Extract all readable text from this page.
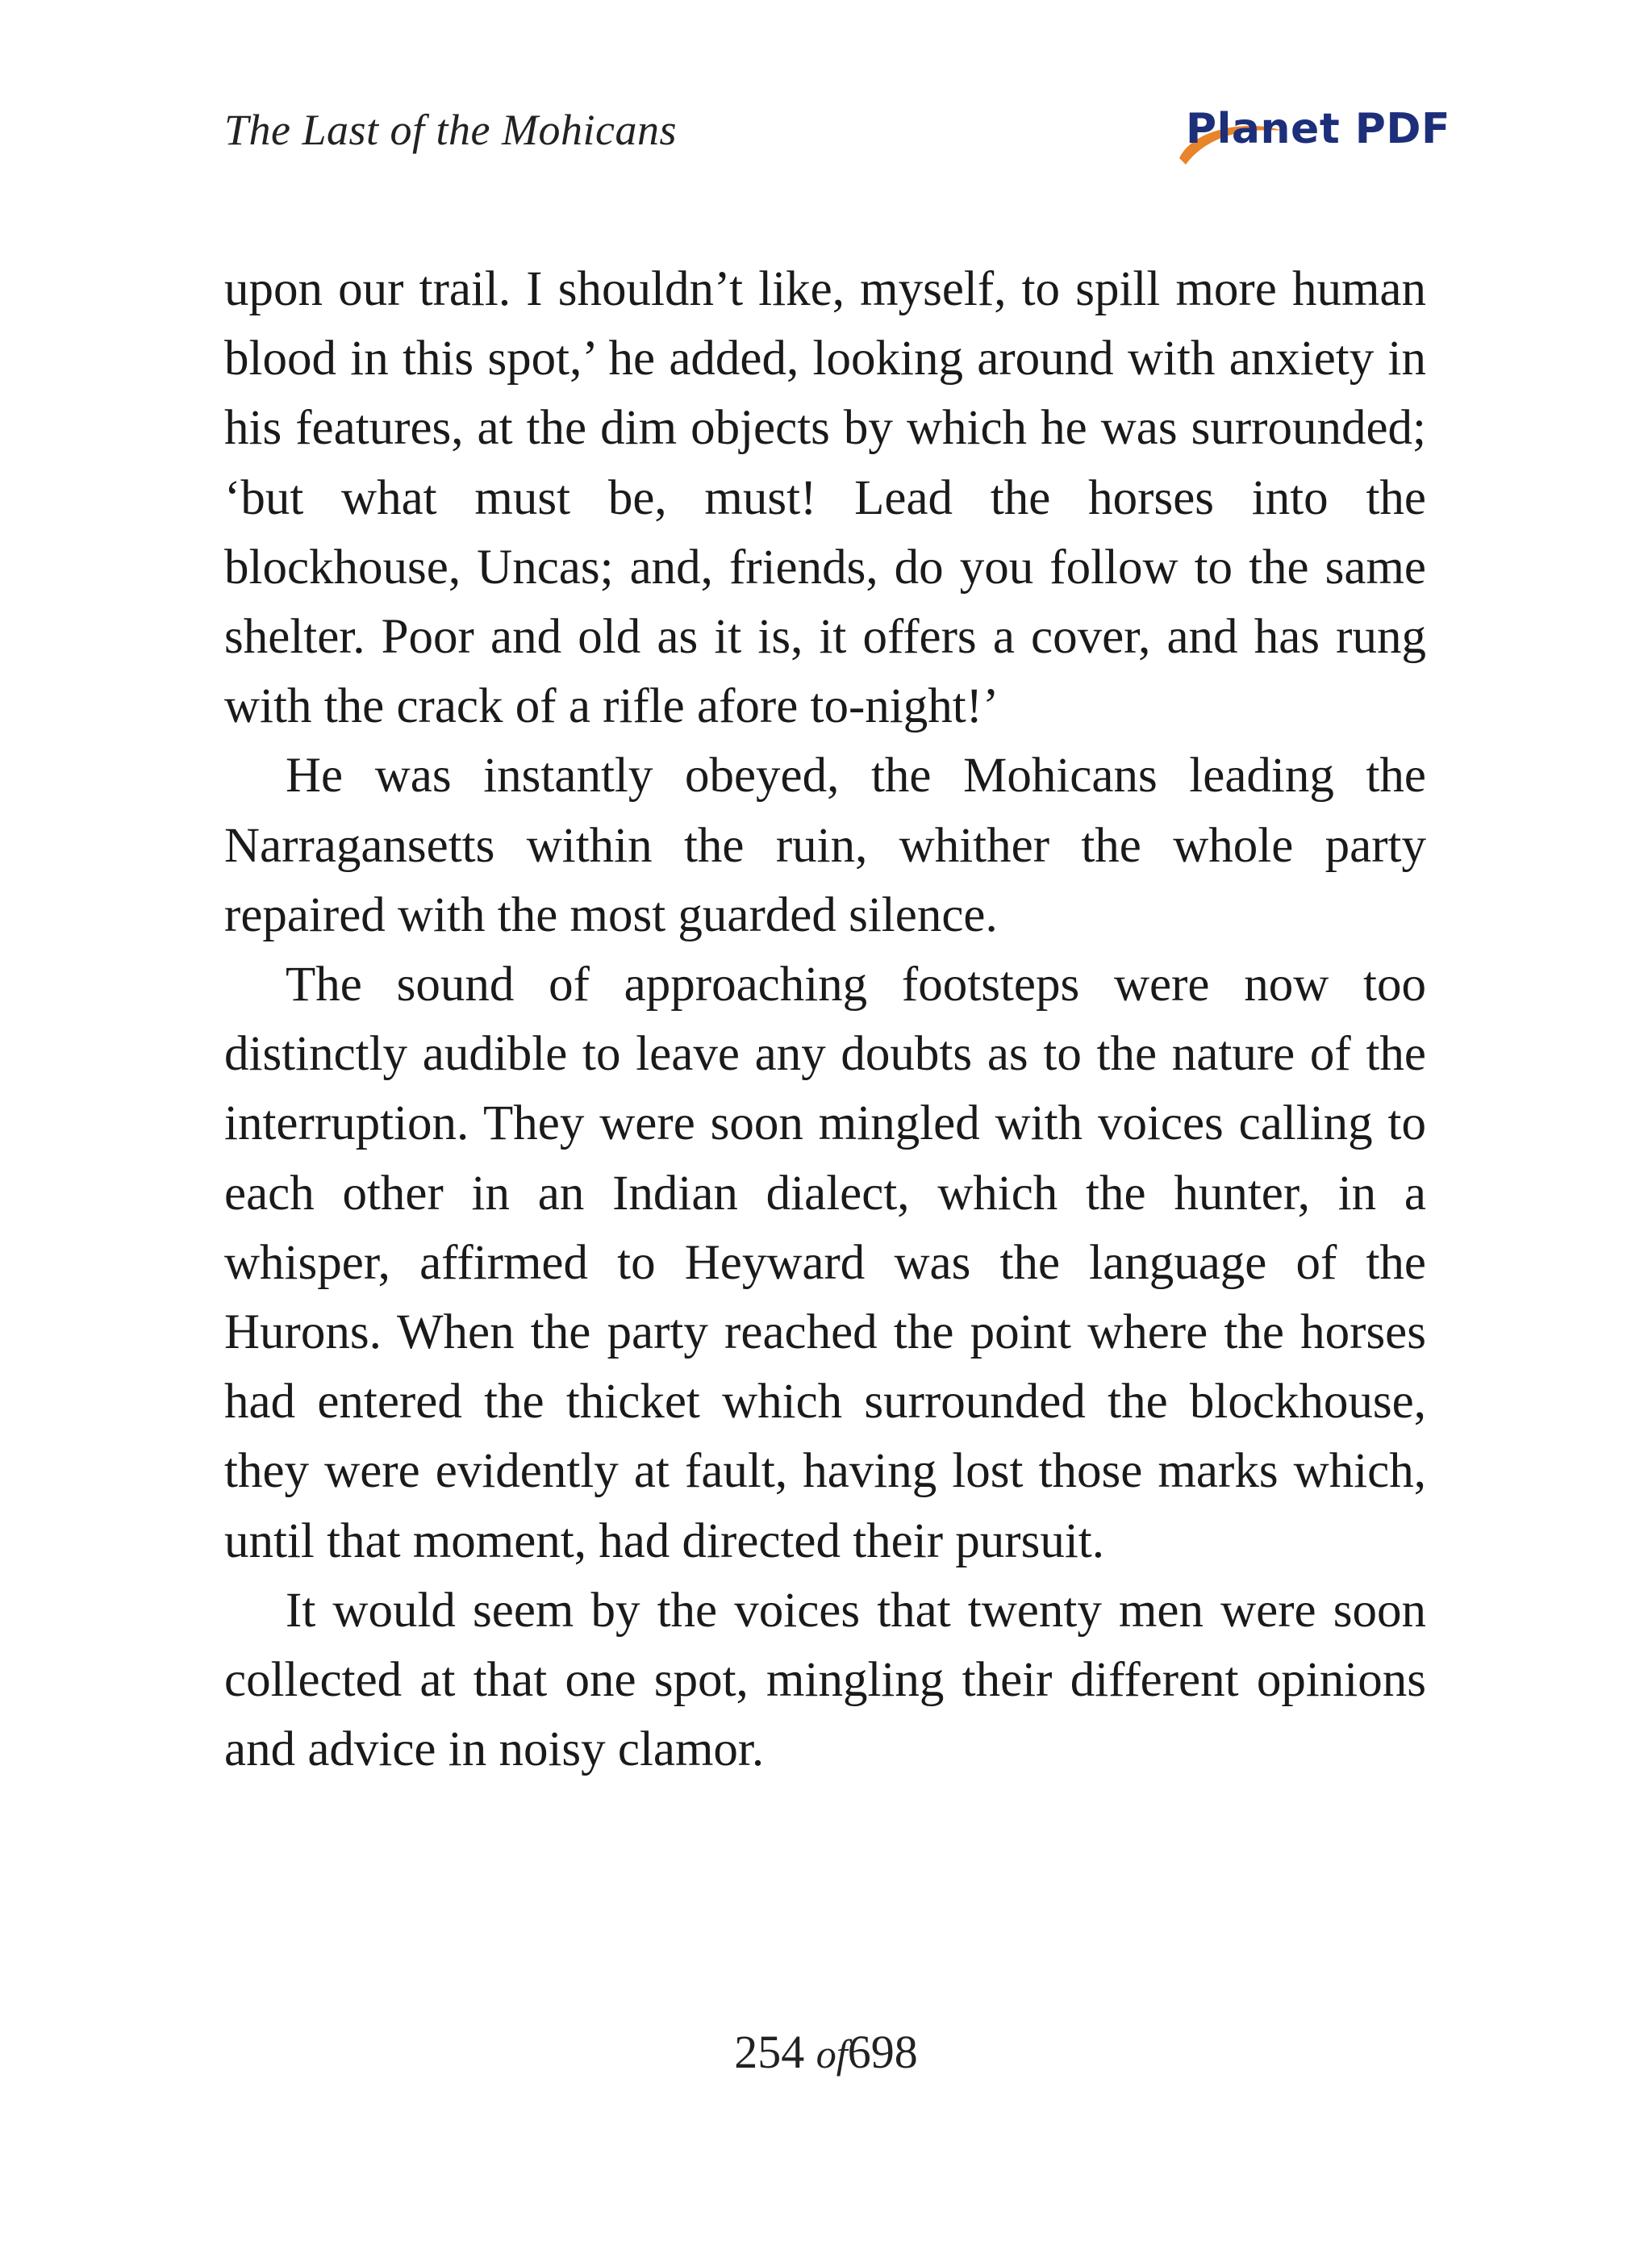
The Last of the Mohicans	Planet PDF

upon our trail. I shouldn’t like, myself, to spill more human blood in this spot,’ he added, looking around with anxiety in his features, at the dim objects by which he was surrounded; ‘but what must be, must! Lead the horses into the blockhouse, Uncas; and, friends, do you follow to the same shelter. Poor and old as it is, it offers a cover, and has rung with the crack of a rifle afore to-night!’

He was instantly obeyed, the Mohicans leading the Narragansetts within the ruin, whither the whole party repaired with the most guarded silence.

The sound of approaching footsteps were now too distinctly audible to leave any doubts as to the nature of the interruption. They were soon mingled with voices calling to each other in an Indian dialect, which the hunter, in a whisper, affirmed to Heyward was the language of the Hurons. When the party reached the point where the horses had entered the thicket which surrounded the blockhouse, they were evidently at fault, having lost those marks which, until that moment, had directed their pursuit.

It would seem by the voices that twenty men were soon collected at that one spot, mingling their different opinions and advice in noisy clamor.

254 of698
